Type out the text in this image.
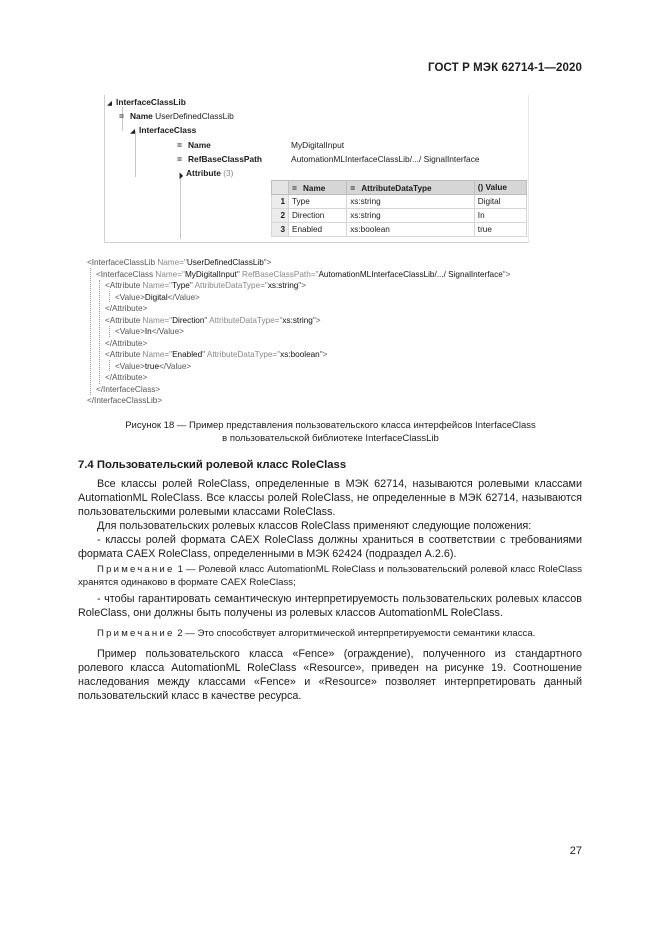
ГОСТ Р МЭК 62714-1—2020
◢ InterfaceClassLib
= Name UserDefinedClassLib
◢ InterfaceClass
= Name	MyDigitalInput
= RefBaseClassPath	AutomationMLInterfaceClassLib/.../ SignalInterface
◢ Attribute (3)
	= Name	= AttributeDataType	() Value
1	Type	xs:string	Digital
2	Direction	xs:string	In
3	Enabled	xs:boolean	true
<InterfaceClassLib Name="UserDefinedClassLib">
<InterfaceClass Name="MyDigitalInput" RefBaseClassPath="AutomationMLInterfaceClassLib/.../ SignalInterface">
<Attribute Name="Type" AttributeDataType="xs:string">
<Value>Digital</Value>
</Attribute>
<Attribute Name="Direction" AttributeDataType="xs:string">
<Value>In</Value>
</Attribute>
<Attribute Name="Enabled" AttributeDataType="xs:boolean">
<Value>true</Value>
</Attribute>
</InterfaceClass>
</InterfaceClassLib>
Рисунок 18 — Пример представления пользовательского класса интерфейсов InterfaceClass
в пользовательской библиотеке InterfaceClassLib
7.4 Пользовательский ролевой класс RoleClass
Все классы ролей RoleClass, определенные в МЭК 62714, называются ролевыми классами AutomationML RoleClass. Все классы ролей RoleClass, не определенные в МЭК 62714, называются пользовательскими ролевыми классами RoleClass.
Для пользовательских ролевых классов RoleClass применяют следующие положения:
- классы ролей формата CAEX RoleClass должны храниться в соответствии с требованиями формата CAEX RoleClass, определенными в МЭК 62424 (подраздел А.2.6).
Примечание 1 — Ролевой класс AutomationML RoleClass и пользовательский ролевой класс RoleClass хранятся одинаково в формате CAEX RoleClass;
- чтобы гарантировать семантическую интерпретируемость пользовательских ролевых классов RoleClass, они должны быть получены из ролевых классов AutomationML RoleClass.
Примечание 2 — Это способствует алгоритмической интерпретируемости семантики класса.
Пример пользовательского класса «Fence» (ограждение), полученного из стандартного ролевого класса AutomationML RoleClass «Resource», приведен на рисунке 19. Соотношение наследования между классами «Fence» и «Resource» позволяет интерпретировать данный пользовательский класс в качестве ресурса.
27
